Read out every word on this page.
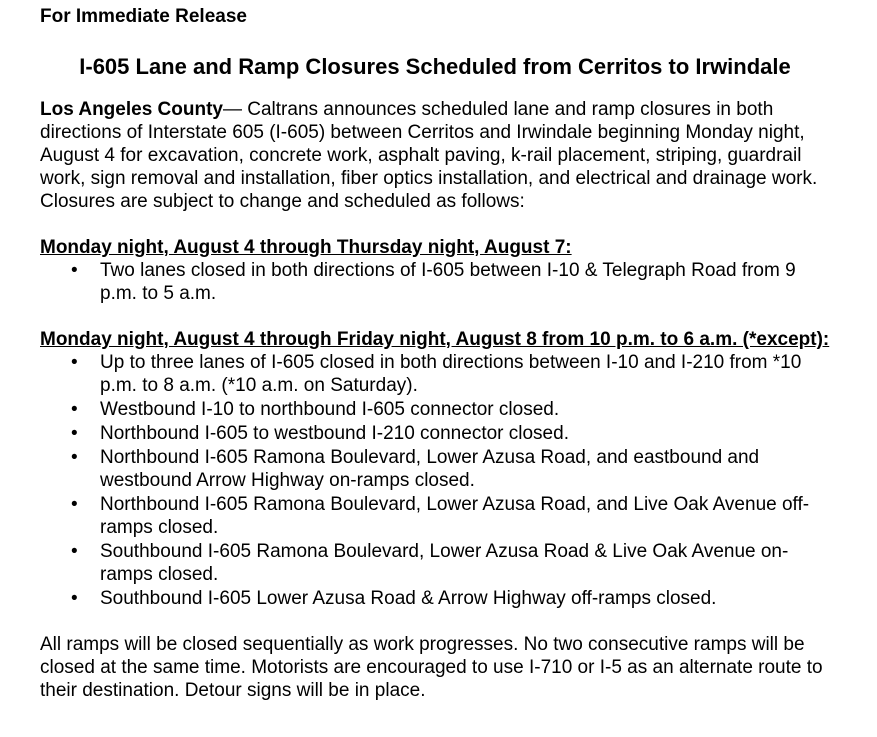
For Immediate Release

I-605 Lane and Ramp Closures Scheduled from Cerritos to Irwindale

Los Angeles County— Caltrans announces scheduled lane and ramp closures in both directions of Interstate 605 (I-605) between Cerritos and Irwindale beginning Monday night, August 4 for excavation, concrete work, asphalt paving, k-rail placement, striping, guardrail work, sign removal and installation, fiber optics installation, and electrical and drainage work. Closures are subject to change and scheduled as follows:

Monday night, August 4 through Thursday night, August 7:

• Two lanes closed in both directions of I-605 between I-10 & Telegraph Road from 9 p.m. to 5 a.m.

Monday night, August 4 through Friday night, August 8 from 10 p.m. to 6 a.m. (*except):

• Up to three lanes of I-605 closed in both directions between I-10 and I-210 from *10 p.m. to 8 a.m. (*10 a.m. on Saturday).
• Westbound I-10 to northbound I-605 connector closed.
• Northbound I-605 to westbound I-210 connector closed.
• Northbound I-605 Ramona Boulevard, Lower Azusa Road, and eastbound and westbound Arrow Highway on-ramps closed.
• Northbound I-605 Ramona Boulevard, Lower Azusa Road, and Live Oak Avenue off-ramps closed.
• Southbound I-605 Ramona Boulevard, Lower Azusa Road & Live Oak Avenue on-ramps closed.
• Southbound I-605 Lower Azusa Road & Arrow Highway off-ramps closed.

All ramps will be closed sequentially as work progresses. No two consecutive ramps will be closed at the same time. Motorists are encouraged to use I-710 or I-5 as an alternate route to their destination. Detour signs will be in place.
